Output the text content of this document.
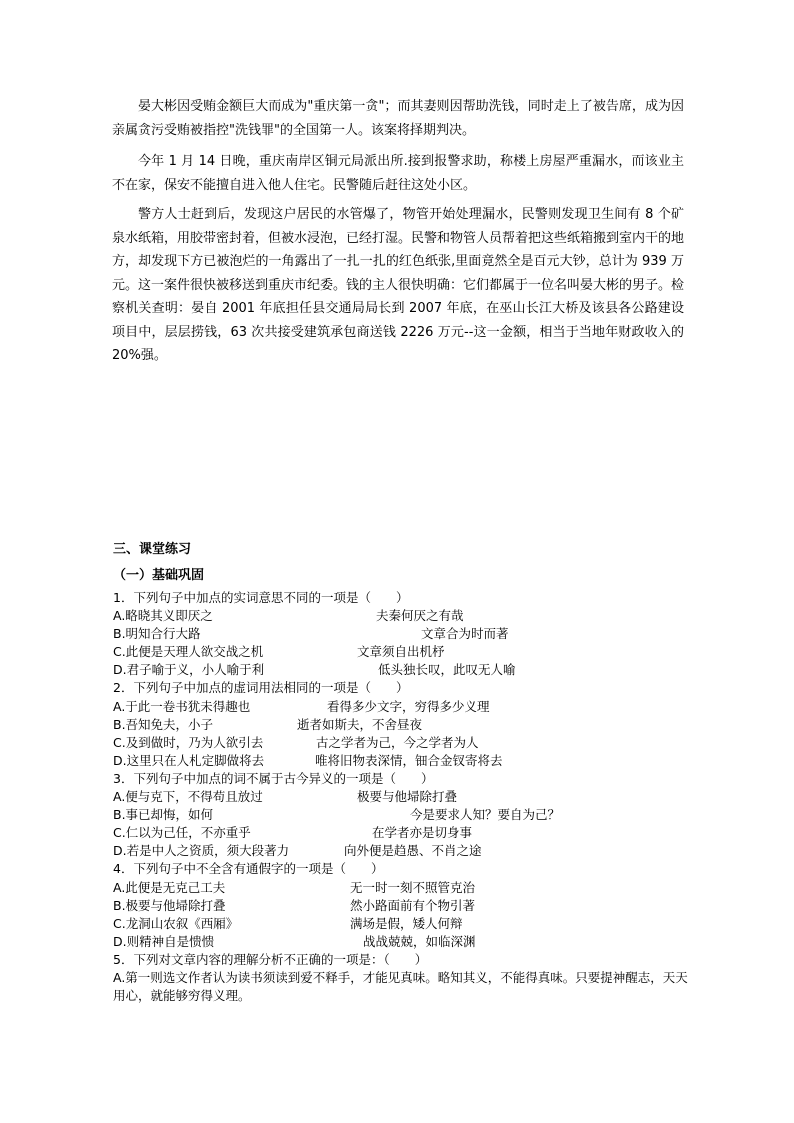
晏大彬因受贿金额巨大而成为"重庆第一贪"；而其妻则因帮助洗钱，同时走上了被告席，成为因亲属贪污受贿被指控"洗钱罪"的全国第一人。该案将择期判决。

今年 1 月 14 日晚，重庆南岸区铜元局派出所.接到报警求助，称楼上房屋严重漏水，而该业主不在家，保安不能擅自进入他人住宅。民警随后赶往这处小区。

警方人士赶到后，发现这户居民的水管爆了，物管开始处理漏水，民警则发现卫生间有 8 个矿泉水纸箱，用胶带密封着，但被水浸泡，已经打湿。民警和物管人员帮着把这些纸箱搬到室内干的地方，却发现下方已被泡烂的一角露出了一扎一扎的红色纸张,里面竟然全是百元大钞，总计为 939 万元。这一案件很快被移送到重庆市纪委。钱的主人很快明确：它们都属于一位名叫晏大彬的男子。检察机关查明：晏自 2001 年底担任县交通局局长到 2007 年底，在巫山长江大桥及该县各公路建设项目中，层层捞钱，63 次共接受建筑承包商送钱 2226 万元--这一金额，相当于当地年财政收入的 20%强。

三、课堂练习
（一）基础巩固
1．下列句子中加点的实词意思不同的一项是（　　）
A.略晓其义即厌之	夫秦何厌之有哉
B.明知合行大路	文章合为时而著
C.此便是天理人欲交战之机	文章须自出机杼
D.君子喻于义，小人喻于利	低头独长叹，此叹无人喻
2．下列句子中加点的虚词用法相同的一项是（　　）
A.于此一卷书犹未得趣也	看得多少文字，穷得多少义理
B.吾知免夫，小子	逝者如斯夫，不舍昼夜
C.及到做时，乃为人欲引去	古之学者为己，今之学者为人
D.这里只在人札定脚做将去	唯将旧物表深情，钿合金钗寄将去
3．下列句子中加点的词不属于古今异义的一项是（　　）
A.便与克下，不得苟且放过	极要与他埽除打叠
B.事已却悔，如何	今是要求人知？要自为己？
C.仁以为己任，不亦重乎	在学者亦是切身事
D.若是中人之资质，须大段著力	向外便是趋愚、不肖之途
4．下列句子中不全含有通假字的一项是（　　）
A.此便是无克己工夫	无一时一刻不照管克治
B.极要与他埽除打叠	然小路面前有个物引著
C.龙洞山农叙《西厢》	满场是假，矮人何辩
D.则精神自是愦愦	战战兢兢，如临深渊
5．下列对文章内容的理解分析不正确的一项是：（　　）
A.第一则选文作者认为读书须读到爱不释手，才能见真味。略知其义，不能得真味。只要提神醒志，天天用心，就能够穷得义理。
